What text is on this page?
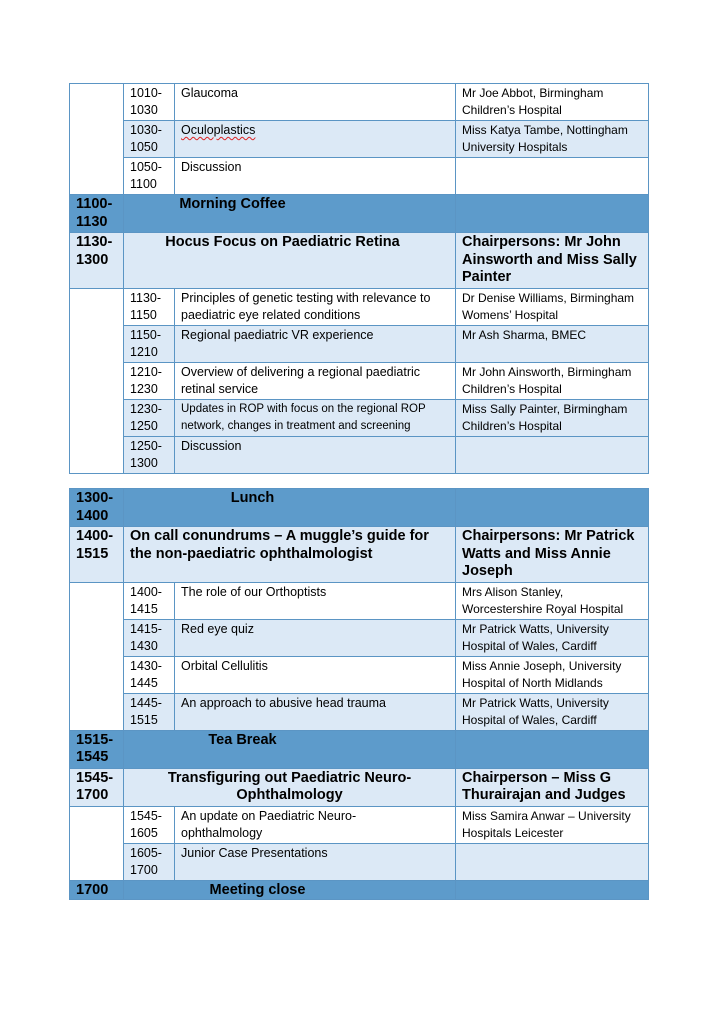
	1010-1030	Glaucoma	Mr Joe Abbot, Birmingham Children’s Hospital

	1030-1050	Oculoplastics	Miss Katya Tambe, Nottingham University Hospitals

	1050-1100	Discussion	

1100-1130	Morning Coffee		

1130-1300	Hocus Focus on Paediatric Retina		Chairpersons: Mr John Ainsworth and Miss Sally Painter

	1130-1150	Principles of genetic testing with relevance to paediatric eye related conditions	Dr Denise Williams, Birmingham Womens’ Hospital

	1150-1210	Regional paediatric VR experience	Mr Ash Sharma, BMEC

	1210-1230	Overview of delivering a regional paediatric retinal service	Mr John Ainsworth, Birmingham Children’s Hospital

	1230-1250	Updates in ROP with focus on the regional ROP network, changes in treatment and screening	Miss Sally Painter, Birmingham Children’s Hospital

	1250-1300	Discussion	

1300-1400	Lunch		

1400-1515	On call conundrums – A muggle’s guide for the non-paediatric ophthalmologist		Chairpersons: Mr Patrick Watts and Miss Annie Joseph

	1400-1415	The role of our Orthoptists	Mrs Alison Stanley, Worcestershire Royal Hospital

	1415-1430	Red eye quiz	Mr Patrick Watts, University Hospital of Wales, Cardiff

	1430-1445	Orbital Cellulitis	Miss Annie Joseph, University Hospital of North Midlands

	1445-1515	An approach to abusive head trauma	Mr Patrick Watts, University Hospital of Wales, Cardiff

1515-1545	Tea Break		

1545-1700	Transfiguring out Paediatric Neuro-Ophthalmology		Chairperson – Miss G Thurairajan and Judges

	1545-1605	An update on Paediatric Neuro-ophthalmology	Miss Samira Anwar – University Hospitals Leicester

	1605-1700	Junior Case Presentations	

1700	Meeting close		
